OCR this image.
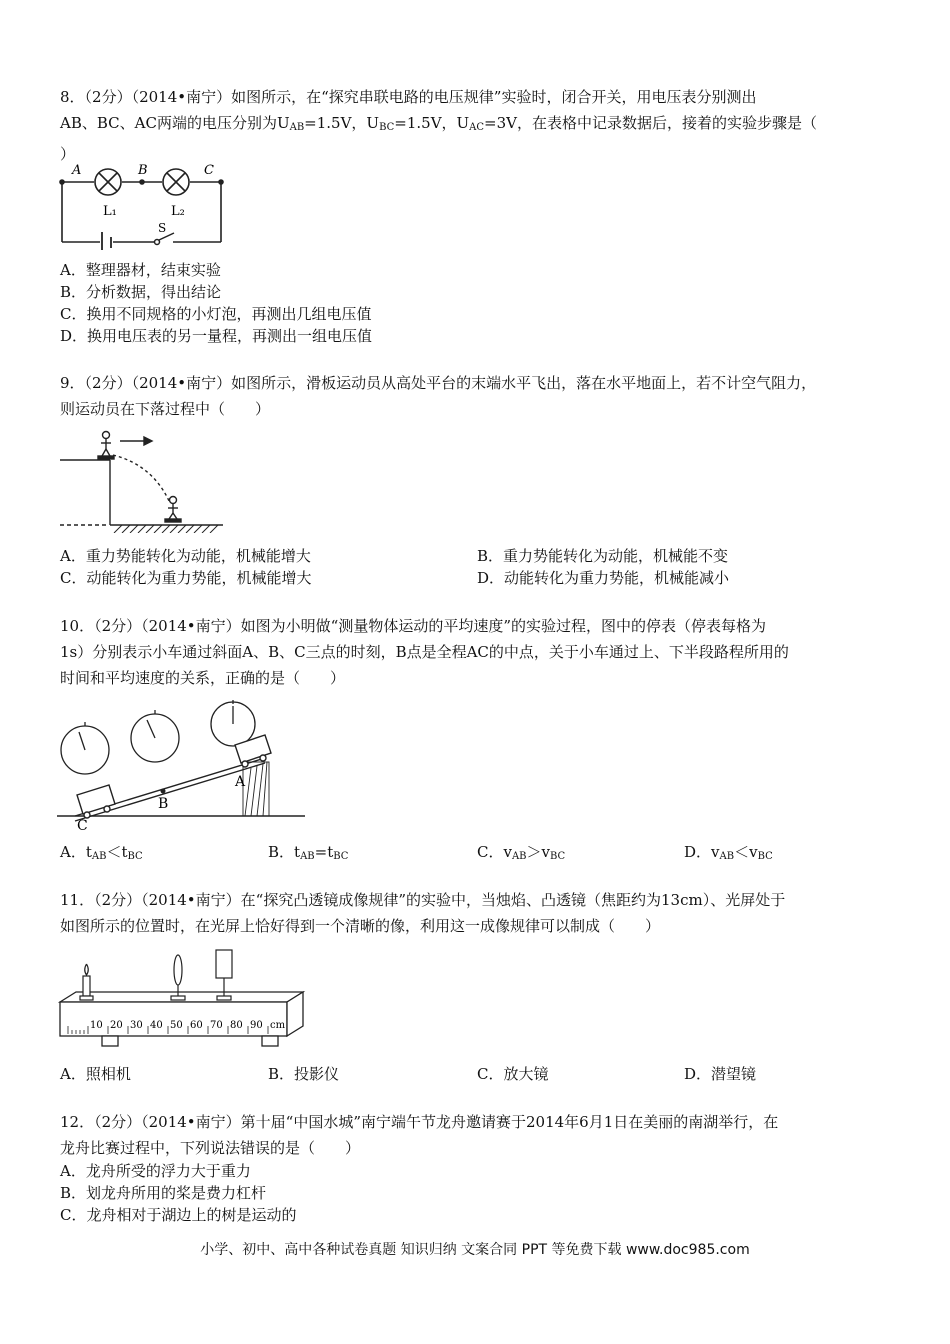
8．（2分）（2014•南宁）如图所示，在“探究串联电路的电压规律”实验时，闭合开关，用电压表分别测出

AB、BC、AC两端的电压分别为$U_{AB}=1.5V$，$U_{BC}=1.5V$，$U_{AC}=3V$，在表格中记录数据后，接着的实验步骤是（

）

A	B	C
L₁	L₂
S
A．整理器材，结束实验
B．分析数据，得出结论
C．换用不同规格的小灯泡，再测出几组电压值
D．换用电压表的另一量程，再测出一组电压值

9．（2分）（2014•南宁）如图所示，滑板运动员从高处平台的末端水平飞出，落在水平地面上，若不计空气阻力，

则运动员在下落过程中（　　）

A．重力势能转化为动能，机械能增大	B．重力势能转化为动能，机械能不变
C．动能转化为重力势能，机械能增大	D．动能转化为重力势能，机械能减小

10．（2分）（2014•南宁）如图为小明做“测量物体运动的平均速度”的实验过程，图中的停表（停表每格为

1s）分别表示小车通过斜面A、B、C三点的时刻，B点是全程AC的中点，关于小车通过上、下半段路程所用的

时间和平均速度的关系，正确的是（　　）

B
A
C
A．$t_{AB}<t_{BC}$	B．$t_{AB}=t_{BC}$	C．$v_{AB}>v_{BC}$	D．$v_{AB}<v_{BC}$

11．（2分）（2014•南宁）在“探究凸透镜成像规律”的实验中，当烛焰、凸透镜（焦距约为13cm）、光屏处于

如图所示的位置时，在光屏上恰好得到一个清晰的像，利用这一成像规律可以制成（　　）

10 20 30 40 50 60 70 80 90 cm
A．照相机	B．投影仪	C．放大镜	D．潜望镜

12．（2分）（2014•南宁）第十届“中国水城”南宁端午节龙舟邀请赛于2014年6月1日在美丽的南湖举行，在

龙舟比赛过程中，下列说法错误的是（　　）

A．龙舟所受的浮力大于重力
B．划龙舟所用的桨是费力杠杆
C．龙舟相对于湖边上的树是运动的
小学、初中、高中各种试卷真题 知识归纳 文案合同 PPT 等免费下载 www.doc985.com
